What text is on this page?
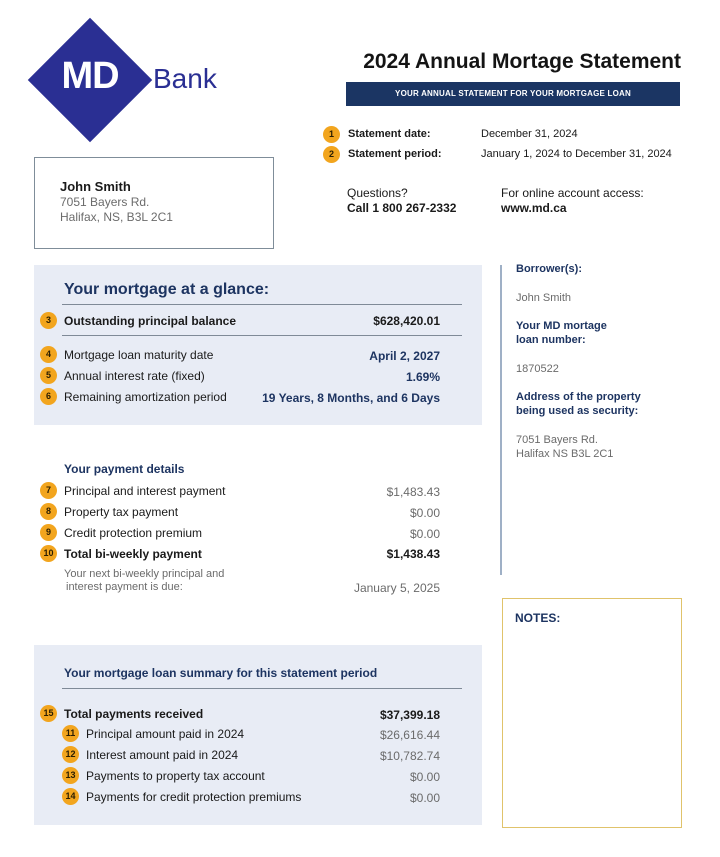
MD	Bank
2024 Annual Mortage Statement
YOUR ANNUAL STATEMENT FOR YOUR MORTGAGE LOAN
1	Statement date:	December 31, 2024
2	Statement period:	January 1, 2024 to December 31, 2024
Questions?
Call 1 800 267-2332
For online account access:
www.md.ca
John Smith
7051 Bayers Rd.
Halifax, NS, B3L 2C1
Your mortgage at a glance:
3	Outstanding principal balance	$628,420.01
4	Mortgage loan maturity date	April 2, 2027
5	Annual interest rate (fixed)	1.69%
6	Remaining amortization period	19 Years, 8 Months, and 6 Days
Your payment details
7	Principal and interest payment	$1,483.43
8	Property tax payment	$0.00
9	Credit protection premium	$0.00
10 Total bi-weekly payment	$1,438.43
Your next bi-weekly principal and
interest payment is due:	January 5, 2025
Borrower(s):
John Smith
Your MD mortage
loan number:
1870522
Address of the property
being used as security:
7051 Bayers Rd.
Halifax NS B3L 2C1
NOTES:
Your mortgage loan summary for this statement period
15 Total payments received	$37,399.18
11 Principal amount paid in 2024	$26,616.44
12 Interest amount paid in 2024	$10,782.74
13 Payments to property tax account	$0.00
14 Payments for credit protection premiums	$0.00
